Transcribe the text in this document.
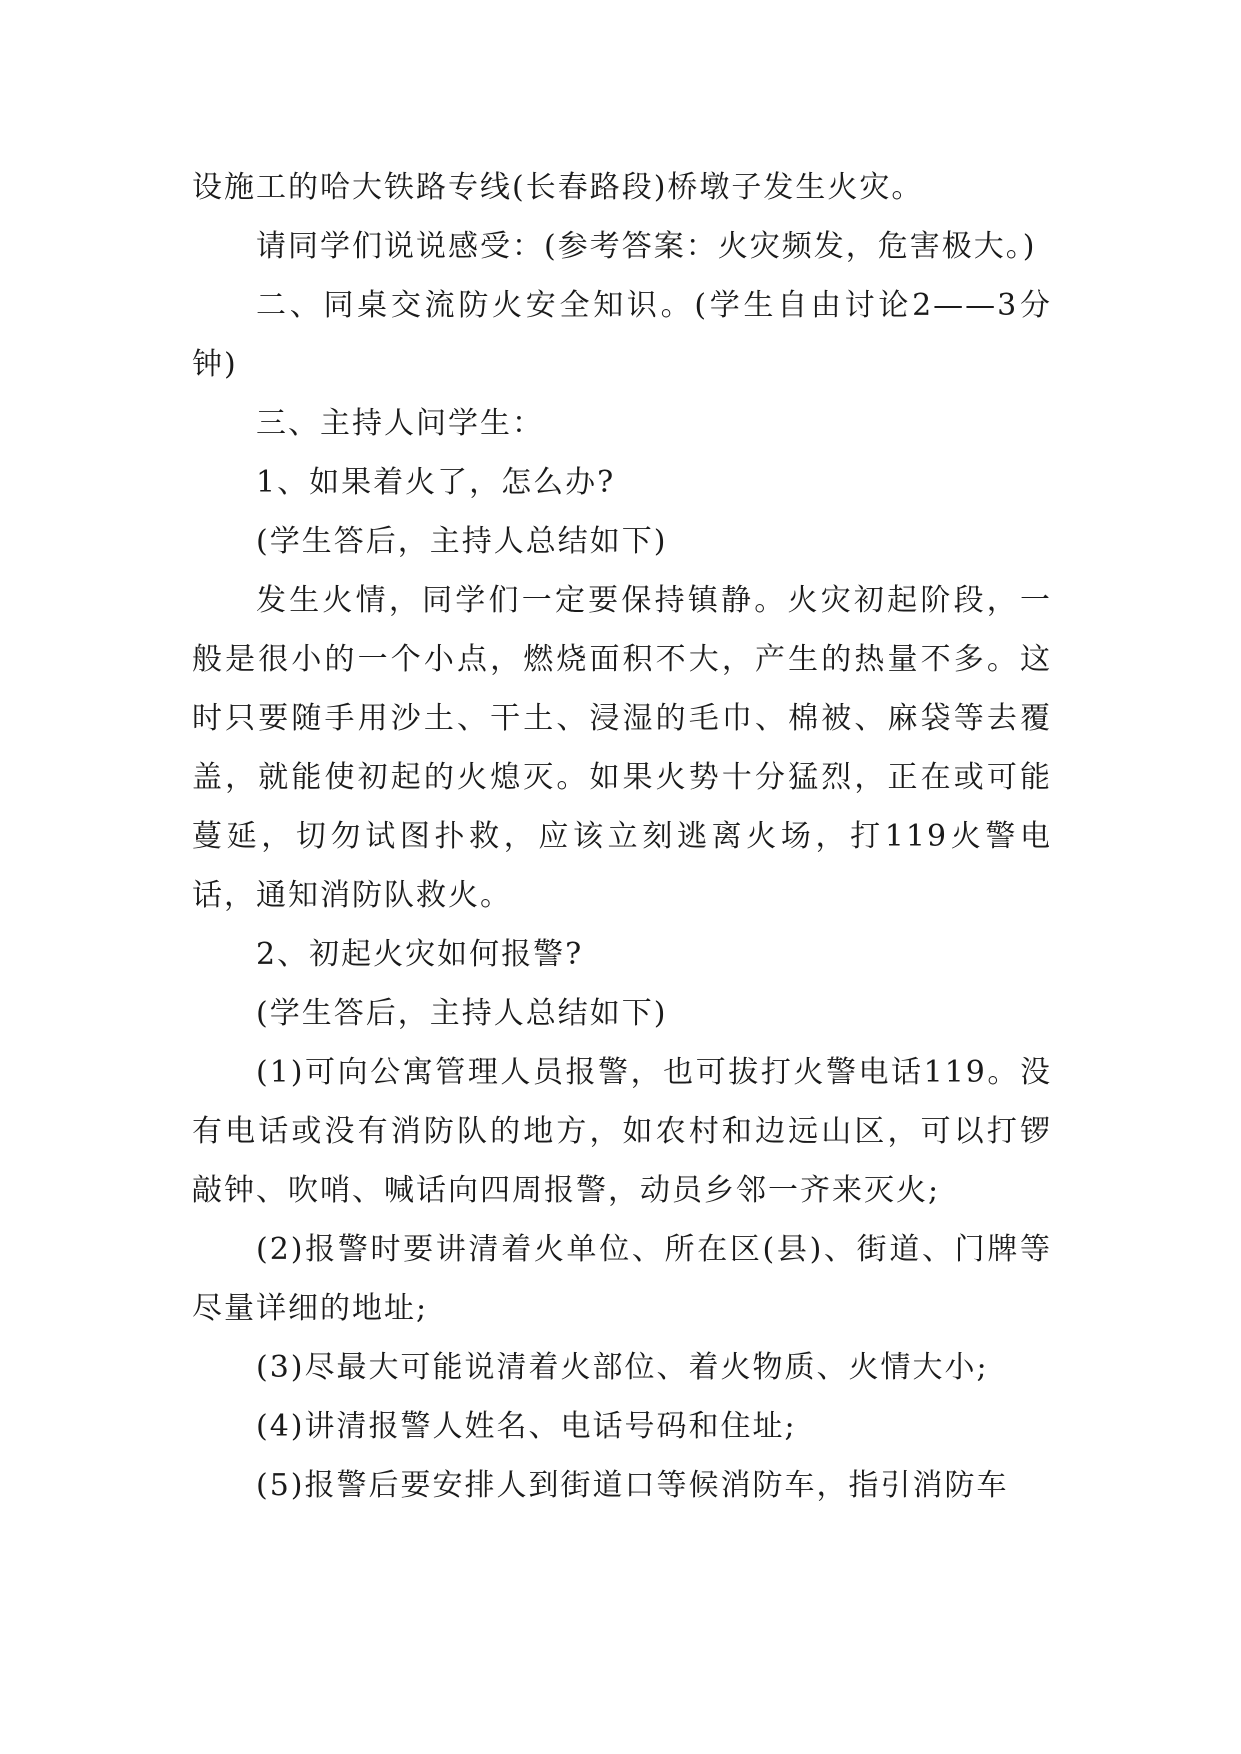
设施工的哈大铁路专线(长春路段)桥墩子发生火灾。

请同学们说说感受：(参考答案：火灾频发，危害极大。)

二、同桌交流防火安全知识。(学生自由讨论2——3分钟)

三、主持人问学生：

1、如果着火了，怎么办?

(学生答后，主持人总结如下)

发生火情，同学们一定要保持镇静。火灾初起阶段，一般是很小的一个小点，燃烧面积不大，产生的热量不多。这时只要随手用沙土、干土、浸湿的毛巾、棉被、麻袋等去覆盖，就能使初起的火熄灭。如果火势十分猛烈，正在或可能蔓延，切勿试图扑救，应该立刻逃离火场，打119火警电话，通知消防队救火。

2、初起火灾如何报警?

(学生答后，主持人总结如下)

(1)可向公寓管理人员报警，也可拔打火警电话119。没有电话或没有消防队的地方，如农村和边远山区，可以打锣敲钟、吹哨、喊话向四周报警，动员乡邻一齐来灭火;

(2)报警时要讲清着火单位、所在区(县)、街道、门牌等尽量详细的地址;

(3)尽最大可能说清着火部位、着火物质、火情大小;

(4)讲清报警人姓名、电话号码和住址;

(5)报警后要安排人到街道口等候消防车，指引消防车
